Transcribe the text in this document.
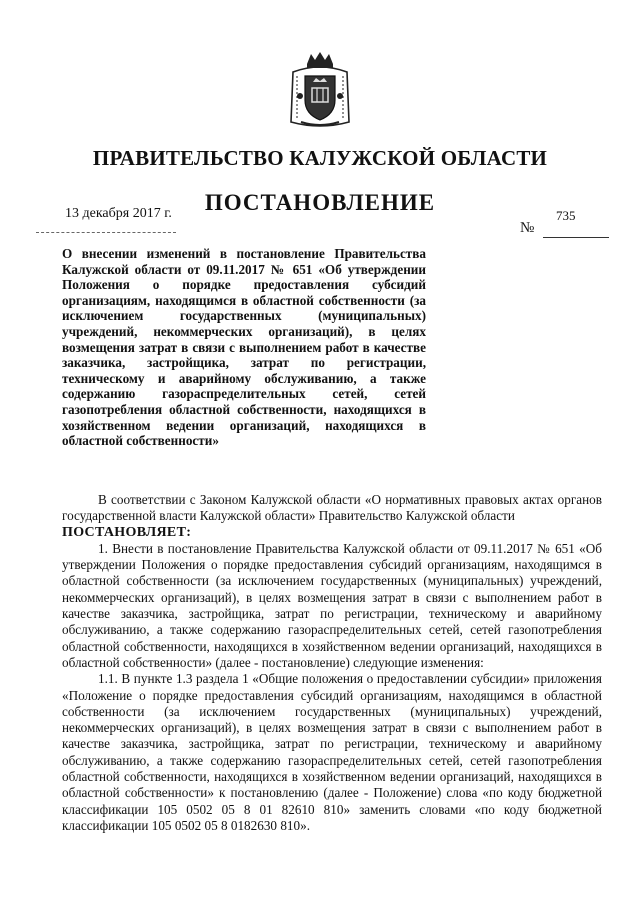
ПРАВИТЕЛЬСТВО КАЛУЖСКОЙ ОБЛАСТИ
ПОСТАНОВЛЕНИЕ
13 декабря 2017 г.	735
№
О внесении изменений в постановление Правительства Калужской области от 09.11.2017 № 651 «Об утверждении Положения о порядке предоставления субсидий организациям, находящимся в областной собственности (за исключением государственных (муниципальных) учреждений, некоммерческих организаций), в целях возмещения затрат в связи с выполнением работ в качестве заказчика, застройщика, затрат по регистрации, техническому и аварийному обслуживанию, а также содержанию газораспределительных сетей, сетей газопотребления областной собственности, находящихся в хозяйственном ведении организаций, находящихся в областной собственности»

В соответствии с Законом Калужской области «О нормативных правовых актах органов государственной власти Калужской области» Правительство Калужской области

ПОСТАНОВЛЯЕТ:

1. Внести в постановление Правительства Калужской области от 09.11.2017 № 651 «Об утверждении Положения о порядке предоставления субсидий организациям, находящимся в областной собственности (за исключением государственных (муниципальных) учреждений, некоммерческих организаций), в целях возмещения затрат в связи с выполнением работ в качестве заказчика, застройщика, затрат по регистрации, техническому и аварийному обслуживанию, а также содержанию газораспределительных сетей, сетей газопотребления областной собственности, находящихся в хозяйственном ведении организаций, находящихся в областной собственности» (далее - постановление) следующие изменения:

1.1. В пункте 1.3 раздела 1 «Общие положения о предоставлении субсидии» приложения «Положение о порядке предоставления субсидий организациям, находящимся в областной собственности (за исключением государственных (муниципальных) учреждений, некоммерческих организаций), в целях возмещения затрат в связи с выполнением работ в качестве заказчика, застройщика, затрат по регистрации, техническому и аварийному обслуживанию, а также содержанию газораспределительных сетей, сетей газопотребления областной собственности, находящихся в хозяйственном ведении организаций, находящихся в областной собственности» к постановлению (далее - Положение) слова «по коду бюджетной классификации 105 0502 05 8 01 82610 810» заменить словами «по коду бюджетной классификации 105 0502 05 8 0182630 810».
